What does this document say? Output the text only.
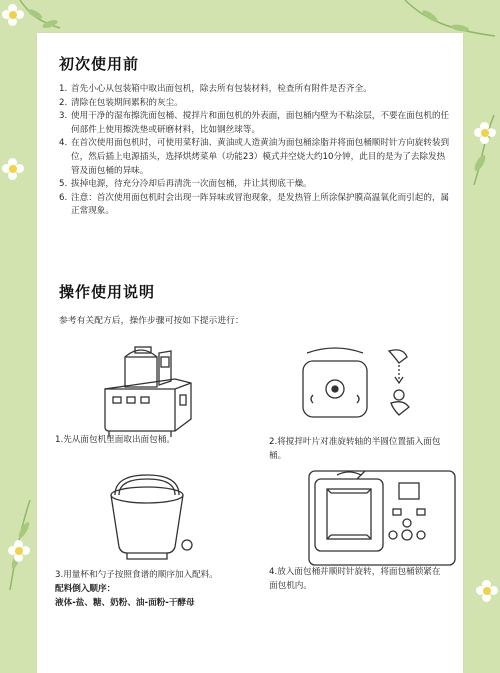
初次使用前
1. 首先小心从包装箱中取出面包机，除去所有包装材料，检查所有附件是否齐全。
2. 清除在包装期间累积的灰尘。
3. 使用干净的湿布擦洗面包桶、搅拌片和面包机的外表面，面包桶内壁为不粘涂层，不要在面包机的任何部件上使用擦洗垫或研磨材料，比如钢丝球等。
4. 在首次使用面包机时，可使用菜籽油、黄油或人造黄油为面包桶涂脂并将面包桶顺时针方向旋转装到位，然后插上电源插头，选择烘烤菜单（功能23）模式并空烧大约10分钟，此目的是为了去除发热管及面包桶的异味。
5. 拔掉电源，待充分冷却后再清洗一次面包桶，并让其彻底干燥。
6. 注意：首次使用面包机时会出现一阵异味或冒泡现象，是发热管上所涂保护膜高温氧化而引起的，属正常现象。
操作使用说明
参考有关配方后，操作步骤可按如下提示进行：
1.先从面包机里面取出面包桶。	2.将搅拌叶片对准旋转轴的半圆位置插入面包桶。
3.用量杯和勺子按照食谱的顺序加入配料。
配料倒入顺序：
液体-盐、糖、奶粉、油-面粉-干酵母
4.放入面包桶并顺时针旋转，将面包桶锁紧在面包机内。
